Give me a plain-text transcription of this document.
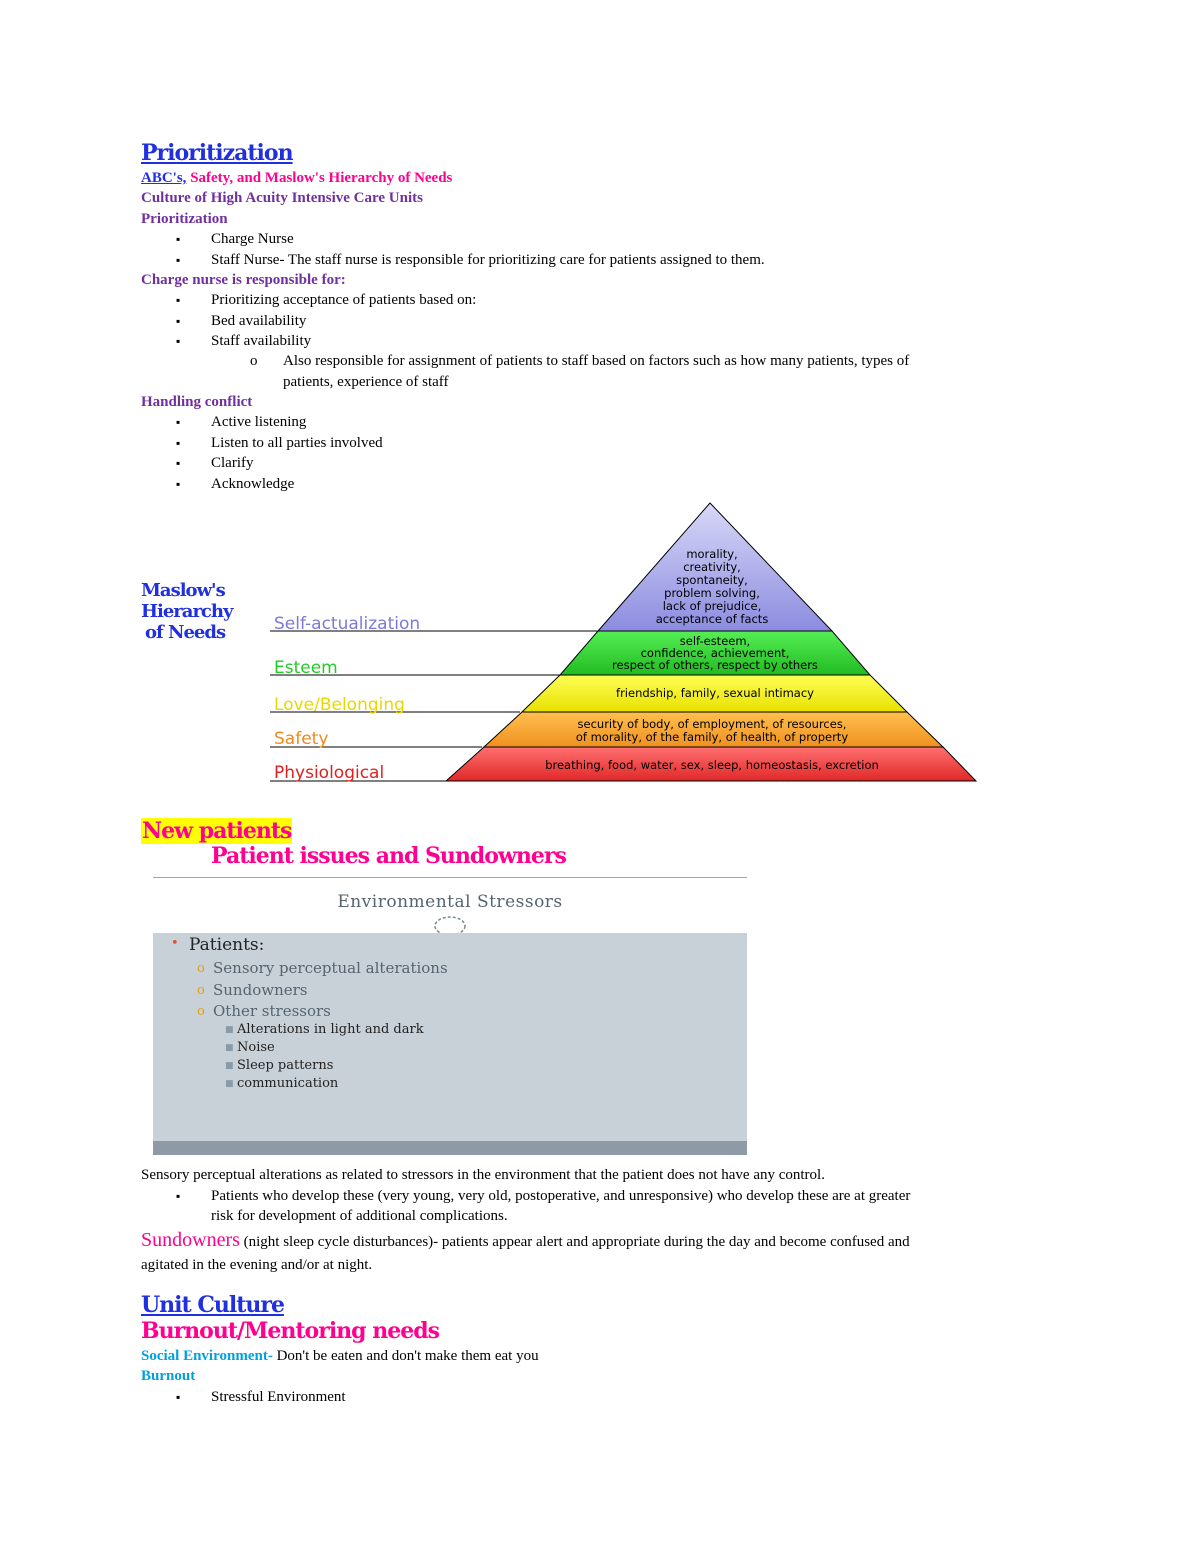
Prioritization
ABC's, Safety, and Maslow's Hierarchy of Needs
Culture of High Acuity Intensive Care Units
Prioritization
▪ Charge Nurse
▪ Staff Nurse- The staff nurse is responsible for prioritizing care for patients assigned to them.
Charge nurse is responsible for:
▪ Prioritizing acceptance of patients based on:
▪ Bed availability
▪ Staff availability
o Also responsible for assignment of patients to staff based on factors such as how many patients, types of
patients, experience of staff
Handling conflict
▪ Active listening
▪ Listen to all parties involved
▪ Clarify
▪ Acknowledge
Maslow's
Hierarchy
of Needs	Self-actualization
Esteem
Love/Belonging
Safety
Physiological
morality,
creativity,
spontaneity,
problem solving,
lack of prejudice,
acceptance of facts
self-esteem,
confidence, achievement,
respect of others, respect by others
friendship, family, sexual intimacy
security of body, of employment, of resources,
of morality, of the family, of health, of property
breathing, food, water, sex, sleep, homeostasis, excretion
New patients
Patient issues and Sundowners
Environmental Stressors
• Patients:
o Sensory perceptual alterations
o Sundowners
o Other stressors
■ Alterations in light and dark
■ Noise
■ Sleep patterns
■ communication
Sensory perceptual alterations as related to stressors in the environment that the patient does not have any control.
▪ Patients who develop these (very young, very old, postoperative, and unresponsive) who develop these are at greater
risk for development of additional complications.
Sundowners (night sleep cycle disturbances)- patients appear alert and appropriate during the day and become confused and
agitated in the evening and/or at night.
Unit Culture
Burnout/Mentoring needs
Social Environment- Don't be eaten and don't make them eat you
Burnout
▪ Stressful Environment
